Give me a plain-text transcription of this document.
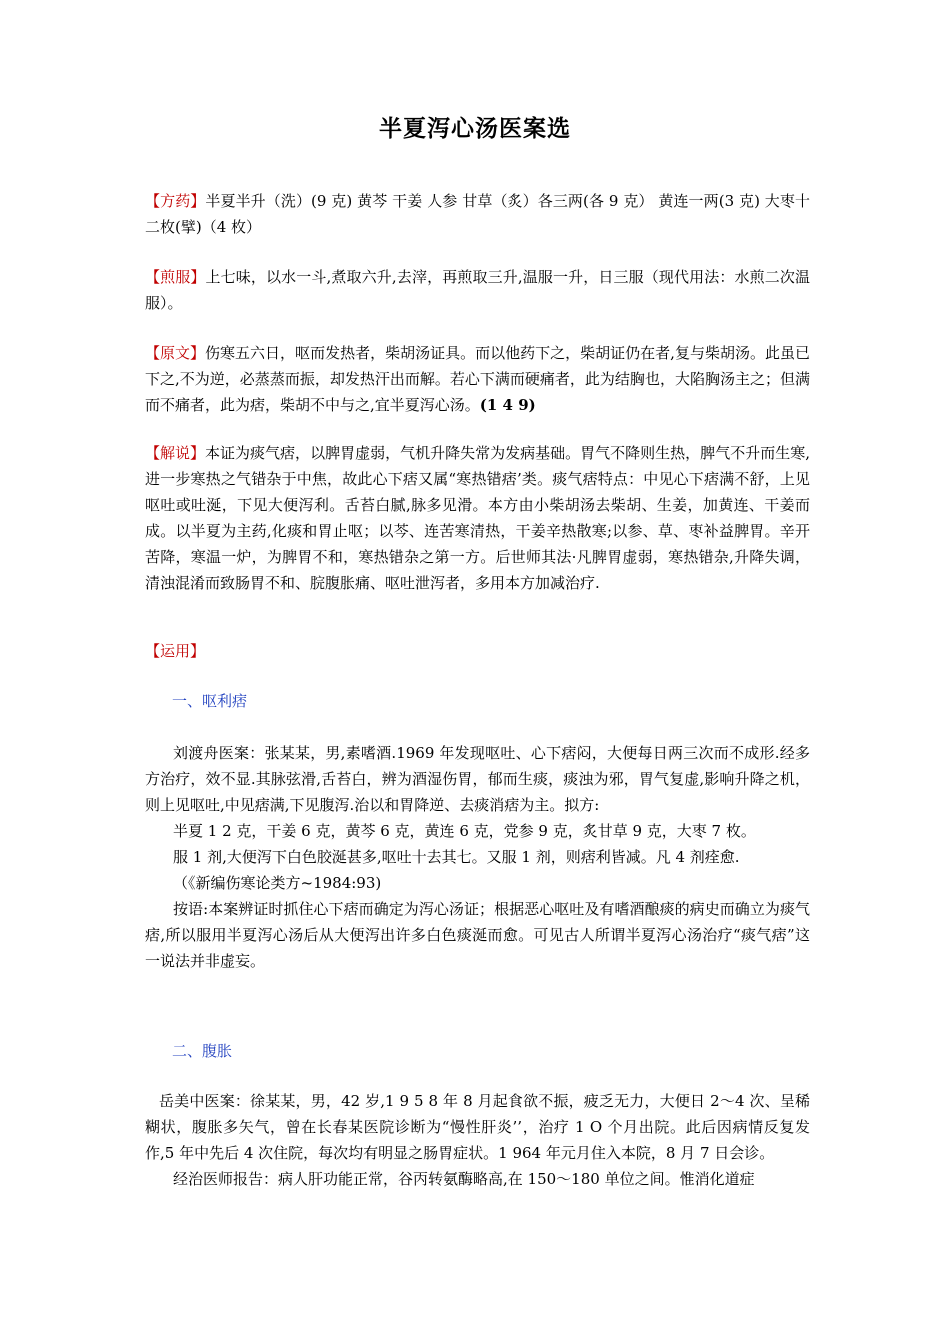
半夏泻心汤医案选

【方药】半夏半升（洗）(9 克) 黄芩 干姜 人参 甘草（炙）各三两(各 9 克） 黄连一两(3 克) 大枣十二枚(擘)（4 枚）

【煎服】上七味，以水一斗,煮取六升,去滓，再煎取三升,温服一升，日三服（现代用法：水煎二次温服）。

【原文】伤寒五六日，呕而发热者，柴胡汤证具。而以他药下之，柴胡证仍在者,复与柴胡汤。此虽已下之,不为逆，必蒸蒸而振，却发热汗出而解。若心下满而硬痛者，此为结胸也，大陷胸汤主之；但满而不痛者，此为痞，柴胡不中与之,宜半夏泻心汤。(1 4 9)

【解说】本证为痰气痞，以脾胃虚弱，气机升降失常为发病基础。胃气不降则生热，脾气不升而生寒,进一步寒热之气错杂于中焦，故此心下痞又属“寒热错痞’类。痰气痞特点：中见心下痞满不舒，上见呕吐或吐涎，下见大便泻利。舌苔白腻,脉多见滑。本方由小柴胡汤去柴胡、生姜，加黄连、干姜而成。以半夏为主药,化痰和胃止呕；以芩、连苦寒清热，干姜辛热散寒;以参、草、枣补益脾胃。辛开苦降，寒温一炉，为脾胃不和，寒热错杂之第一方。后世师其法·凡脾胃虚弱，寒热错杂,升降失调，清浊混淆而致肠胃不和、脘腹胀痛、呕吐泄泻者，多用本方加减治疗.

【运用】

一、呕利痞

刘渡舟医案：张某某，男,素嗜酒.1969 年发现呕吐、心下痞闷，大便每日两三次而不成形.经多方治疗，效不显.其脉弦滑,舌苔白，辨为酒湿伤胃，郁而生痰，痰浊为邪，胃气复虚,影响升降之机，则上见呕吐,中见痞满,下见腹泻.治以和胃降逆、去痰消痞为主。拟方:
半夏 1 2 克，干姜 6 克，黄芩 6 克，黄连 6 克，党参 9 克，炙甘草 9 克，大枣 7 枚。
服 1 剂,大便泻下白色胶涎甚多,呕吐十去其七。又服 1 剂，则痞利皆减。凡 4 剂痊愈.
（《新编伤寒论类方~1984:93)
按语:本案辨证时抓住心下痞而确定为泻心汤证；根据恶心呕吐及有嗜酒酿痰的病史而确立为痰气痞,所以服用半夏泻心汤后从大便泻出许多白色痰涎而愈。可见古人所谓半夏泻心汤治疗“痰气痞”这一说法并非虚妄。

二、腹胀

岳美中医案：徐某某，男，42 岁,1 9 5 8 年 8 月起食欲不振，疲乏无力，大便日 2～4 次、呈稀糊状，腹胀多矢气，曾在长春某医院诊断为“慢性肝炎’’，治疗 1 O 个月出院。此后因病情反复发作,5 年中先后 4 次住院，每次均有明显之肠胃症状。1 964 年元月住入本院，8 月 7 日会诊。
经治医师报告：病人肝功能正常，谷丙转氨酶略高,在 150～180 单位之间。惟消化道症
